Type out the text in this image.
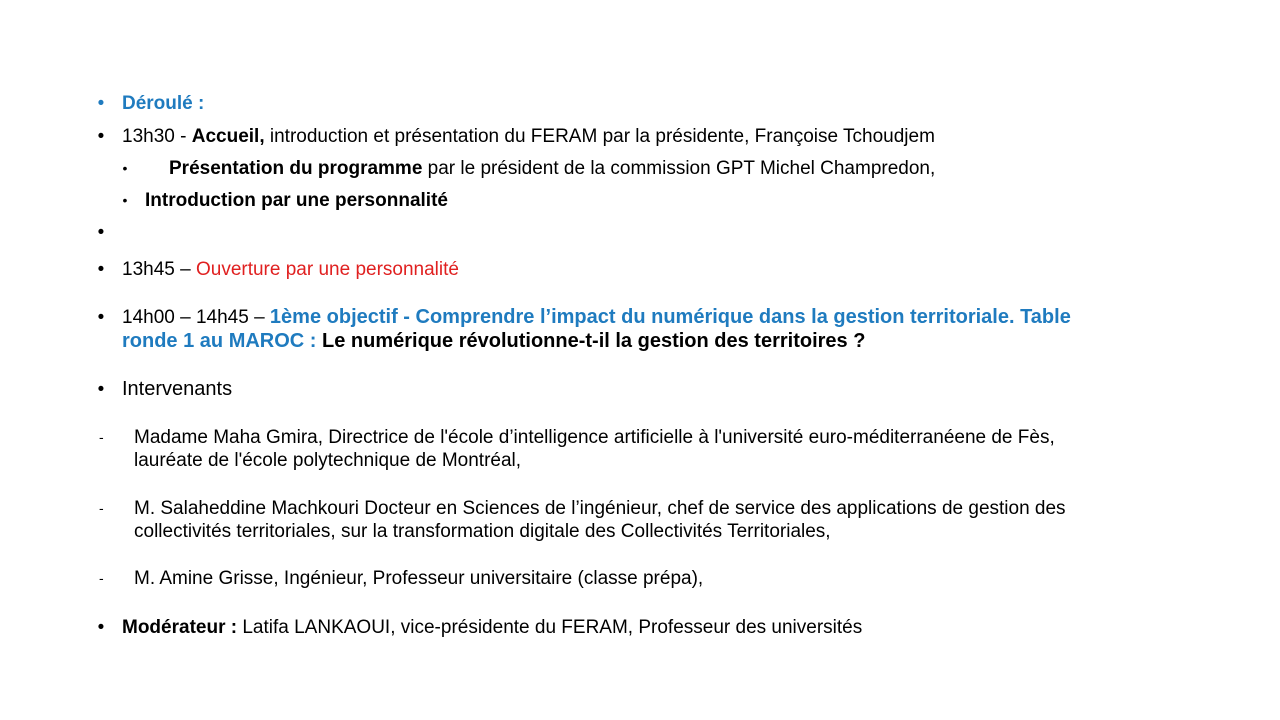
• Déroulé :
• 13h30 - Accueil, introduction et présentation du FERAM par la présidente, Françoise Tchoudjem
• Présentation du programme par le président de la commission GPT Michel Champredon,
• Introduction par une personnalité
•
• 13h45 – Ouverture par une personnalité
• 14h00 – 14h45 – 1ème objectif - Comprendre l’impact du numérique dans la gestion territoriale. Table
ronde 1 au MAROC : Le numérique révolutionne-t-il la gestion des territoires ?
• Intervenants
- Madame Maha Gmira, Directrice de l'école d’intelligence artificielle à l'université euro-méditerranéene de Fès,
lauréate de l'école polytechnique de Montréal,
- M. Salaheddine Machkouri Docteur en Sciences de l’ingénieur, chef de service des applications de gestion des
collectivités territoriales, sur la transformation digitale des Collectivités Territoriales,
- M. Amine Grisse, Ingénieur, Professeur universitaire (classe prépa),
• Modérateur : Latifa LANKAOUI, vice-présidente du FERAM, Professeur des universités
